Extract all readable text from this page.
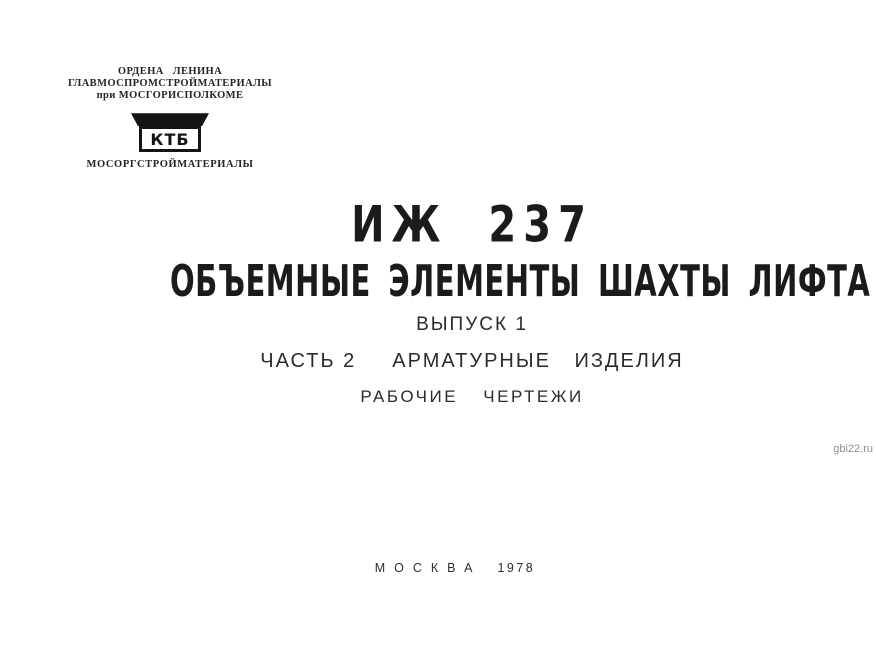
ОРДЕНА ЛЕНИНА
ГЛАВМОСПРОМСТРОЙМАТЕРИАЛЫ
при МОСГОРИСПОЛКОМЕ
КТБ
МОСОРГСТРОЙМАТЕРИАЛЫ
ИЖ 237
ОБЪЕМНЫЕ ЭЛЕМЕНТЫ ШАХТЫ ЛИФТА
ВЫПУСК 1
ЧАСТЬ 2 АРМАТУРНЫЕ ИЗДЕЛИЯ
РАБОЧИЕ ЧЕРТЕЖИ
gbi22.ru
МОСКВА 1978
